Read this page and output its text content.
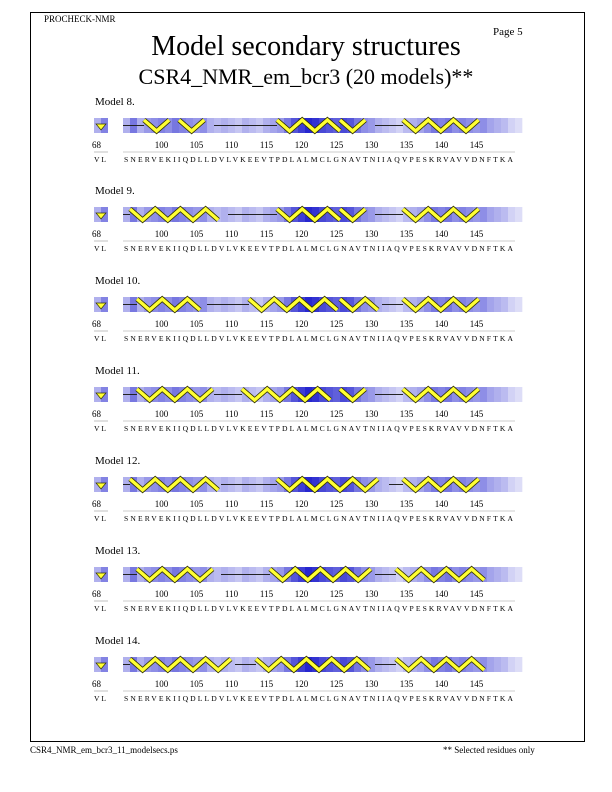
PROCHECK-NMR
Page 5
Model secondary structures
CSR4_NMR_em_bcr3 (20 models)**
Model 8.
68	100 105 110 115 120 125 130 135 140 145
VL SNERVEKIIQDLLDVLVKEEVTPDLALMCLGNAVTNIIAQVPESKRVAVVDNFTKA
Model 9.
68	100 105 110 115 120 125 130 135 140 145
VL SNERVEKIIQDLLDVLVKEEVTPDLALMCLGNAVTNIIAQVPESKRVAVVDNFTKA
Model 10.
68	100 105 110 115 120 125 130 135 140 145
VL SNERVEKIIQDLLDVLVKEEVTPDLALMCLGNAVTNIIAQVPESKRVAVVDNFTKA
Model 11.
68	100 105 110 115 120 125 130 135 140 145
VL SNERVEKIIQDLLDVLVKEEVTPDLALMCLGNAVTNIIAQVPESKRVAVVDNFTKA
Model 12.
68	100 105 110 115 120 125 130 135 140 145
VL SNERVEKIIQDLLDVLVKEEVTPDLALMCLGNAVTNIIAQVPESKRVAVVDNFTKA
Model 13.
68	100 105 110 115 120 125 130 135 140 145
VL SNERVEKIIQDLLDVLVKEEVTPDLALMCLGNAVTNIIAQVPESKRVAVVDNFTKA
Model 14.
68	100 105 110 115 120 125 130 135 140 145
VL SNERVEKIIQDLLDVLVKEEVTPDLALMCLGNAVTNIIAQVPESKRVAVVDNFTKA
CSR4_NMR_em_bcr3_11_modelsecs.ps	** Selected residues only
